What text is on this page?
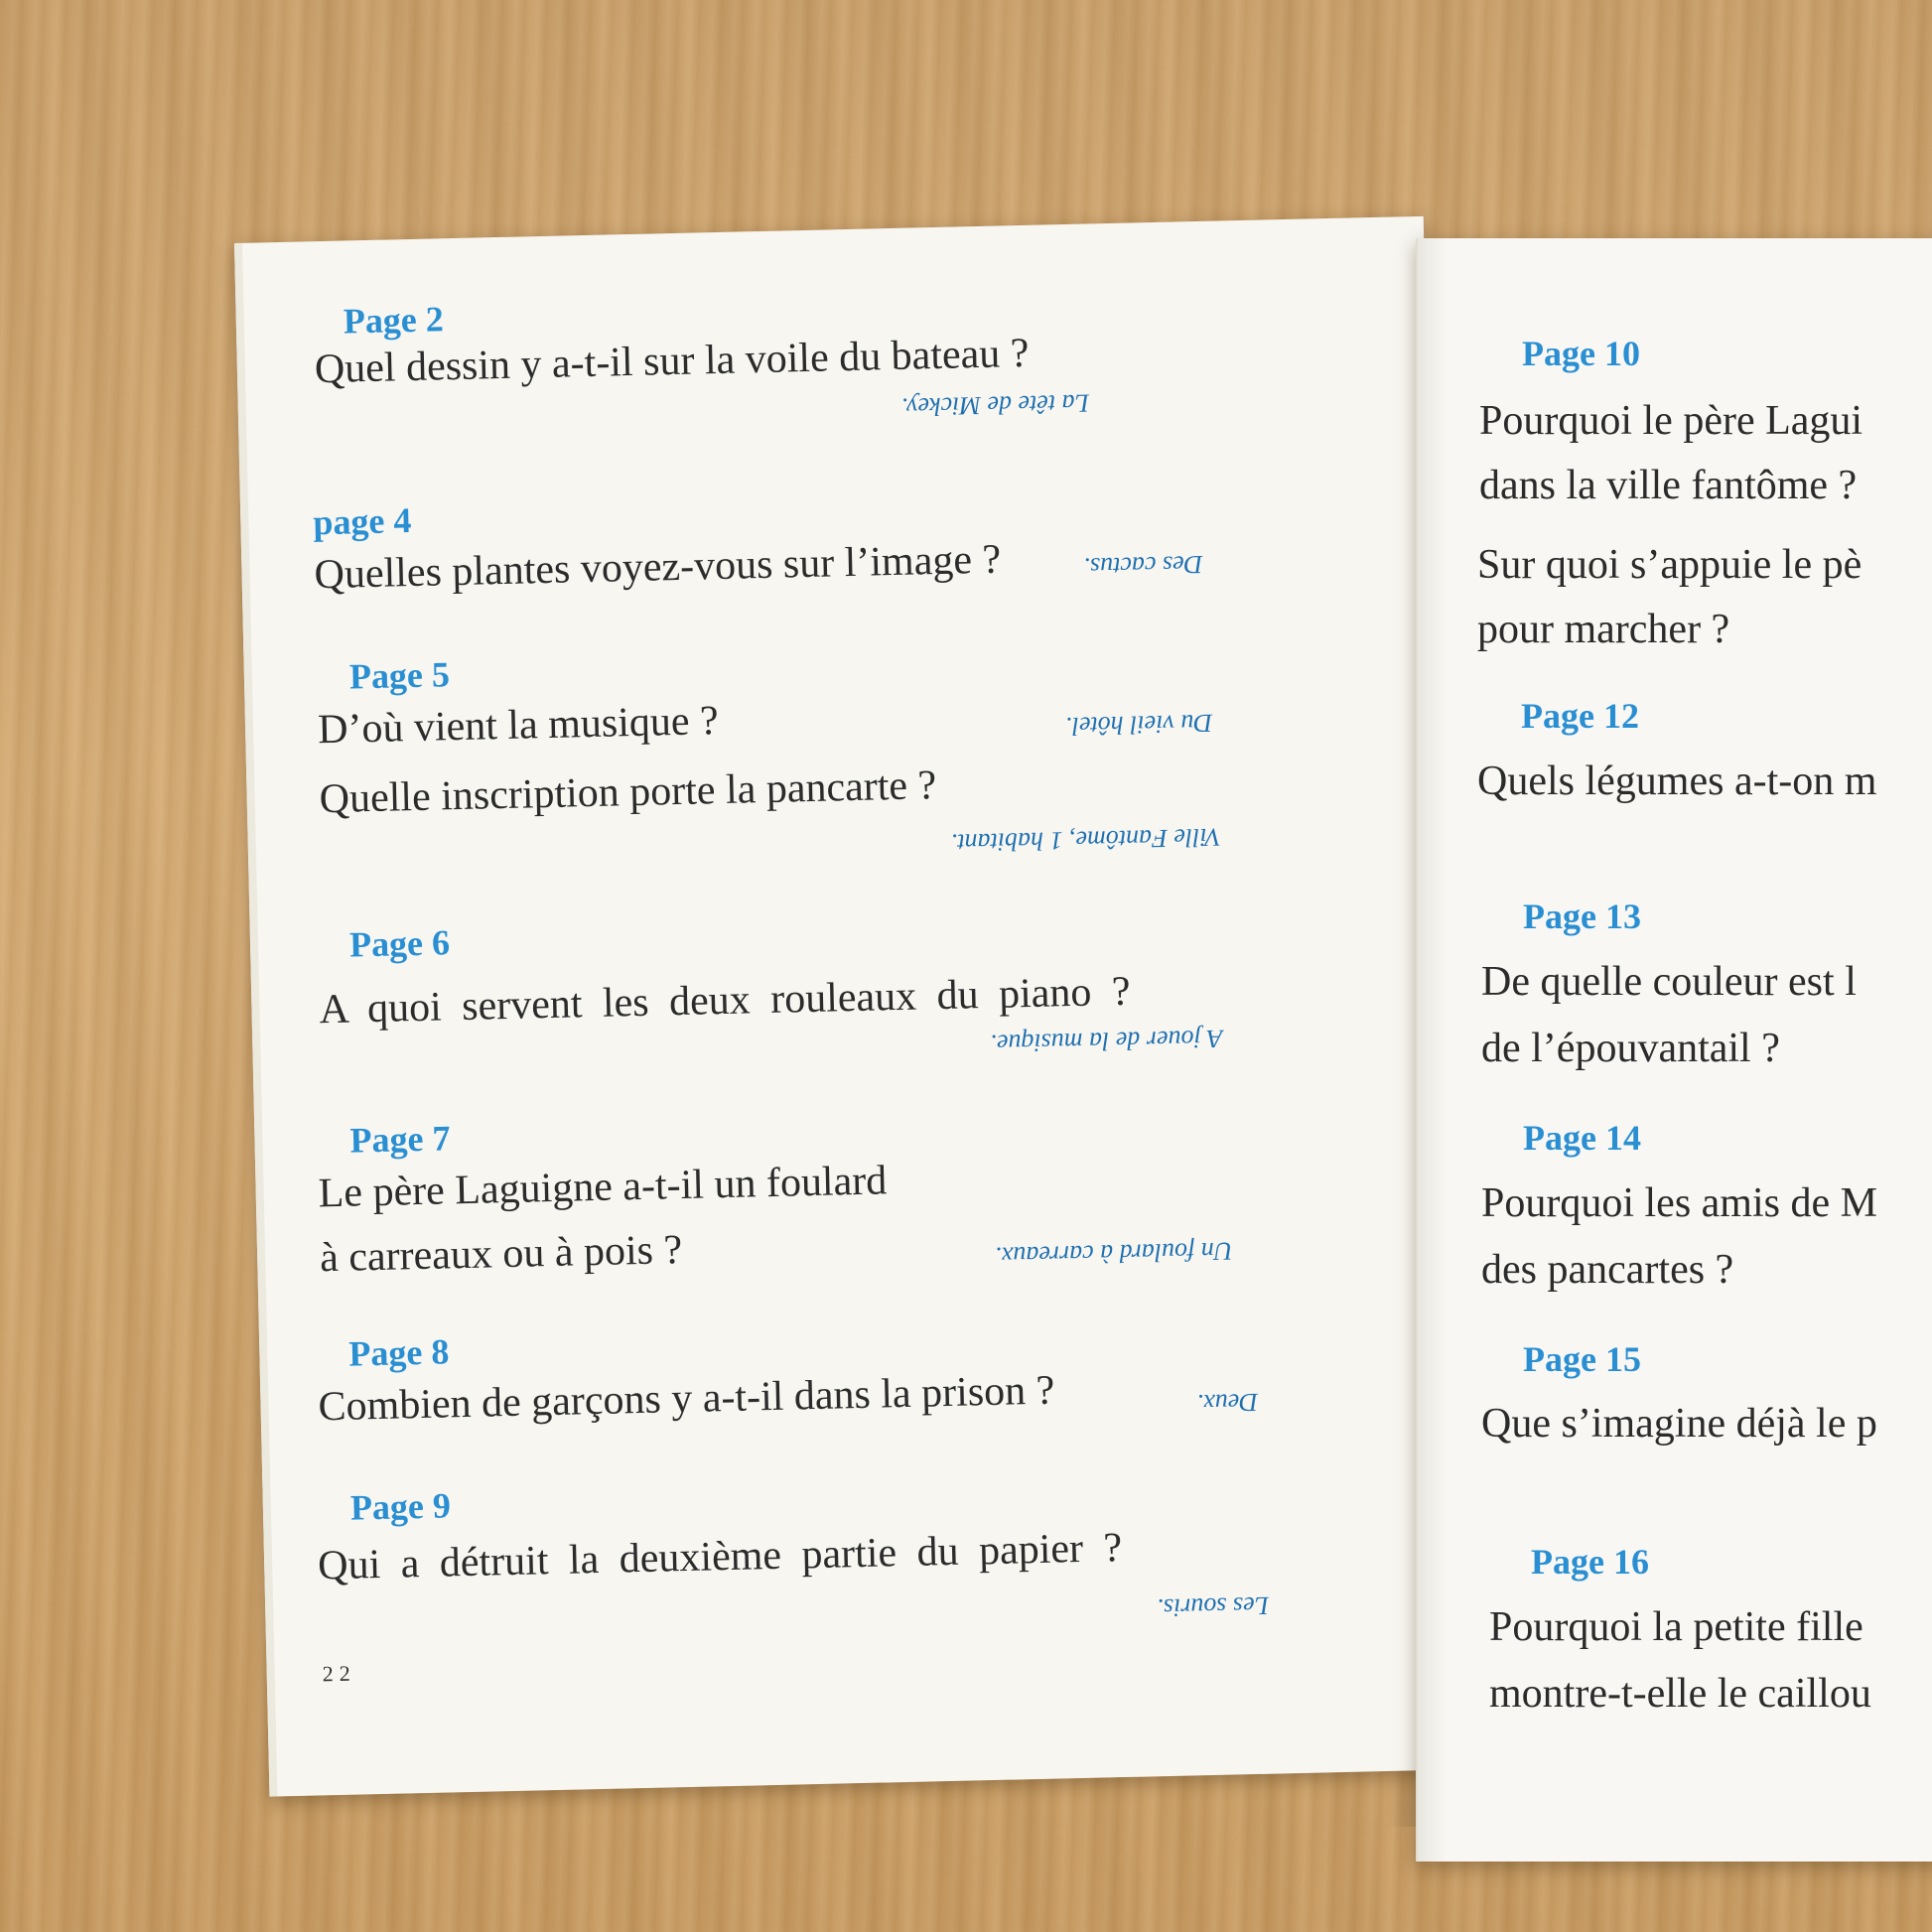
Page 2
Quel dessin y a-t-il sur la voile du bateau ?
La tête de Mickey.
page 4
Quelles plantes voyez-vous sur l’image ?	Des cactus.
Page 5
D’où vient la musique ?	Du vieil hôtel.
Quelle inscription porte la pancarte ?
Ville Fantôme, 1 habitant.
Page 6
A quoi servent les deux rouleaux du piano ?
A jouer de la musique.
Page 7
Le père Laguigne a-t-il un foulard
à carreaux ou à pois ?	Un foulard à carreaux.
Page 8
Combien de garçons y a-t-il dans la prison ?	Deux.
Page 9
Qui a détruit la deuxième partie du papier ?
Les souris.
22
Page 10
Pourquoi le père Lagui
dans la ville fantôme ?
Sur quoi s’appuie le pè
pour marcher ?
Page 12
Quels légumes a-t-on m
Page 13
De quelle couleur est l
de l’épouvantail ?
Page 14
Pourquoi les amis de M
des pancartes ?
Page 15
Que s’imagine déjà le p
Page 16
Pourquoi la petite fille
montre-t-elle le caillou
